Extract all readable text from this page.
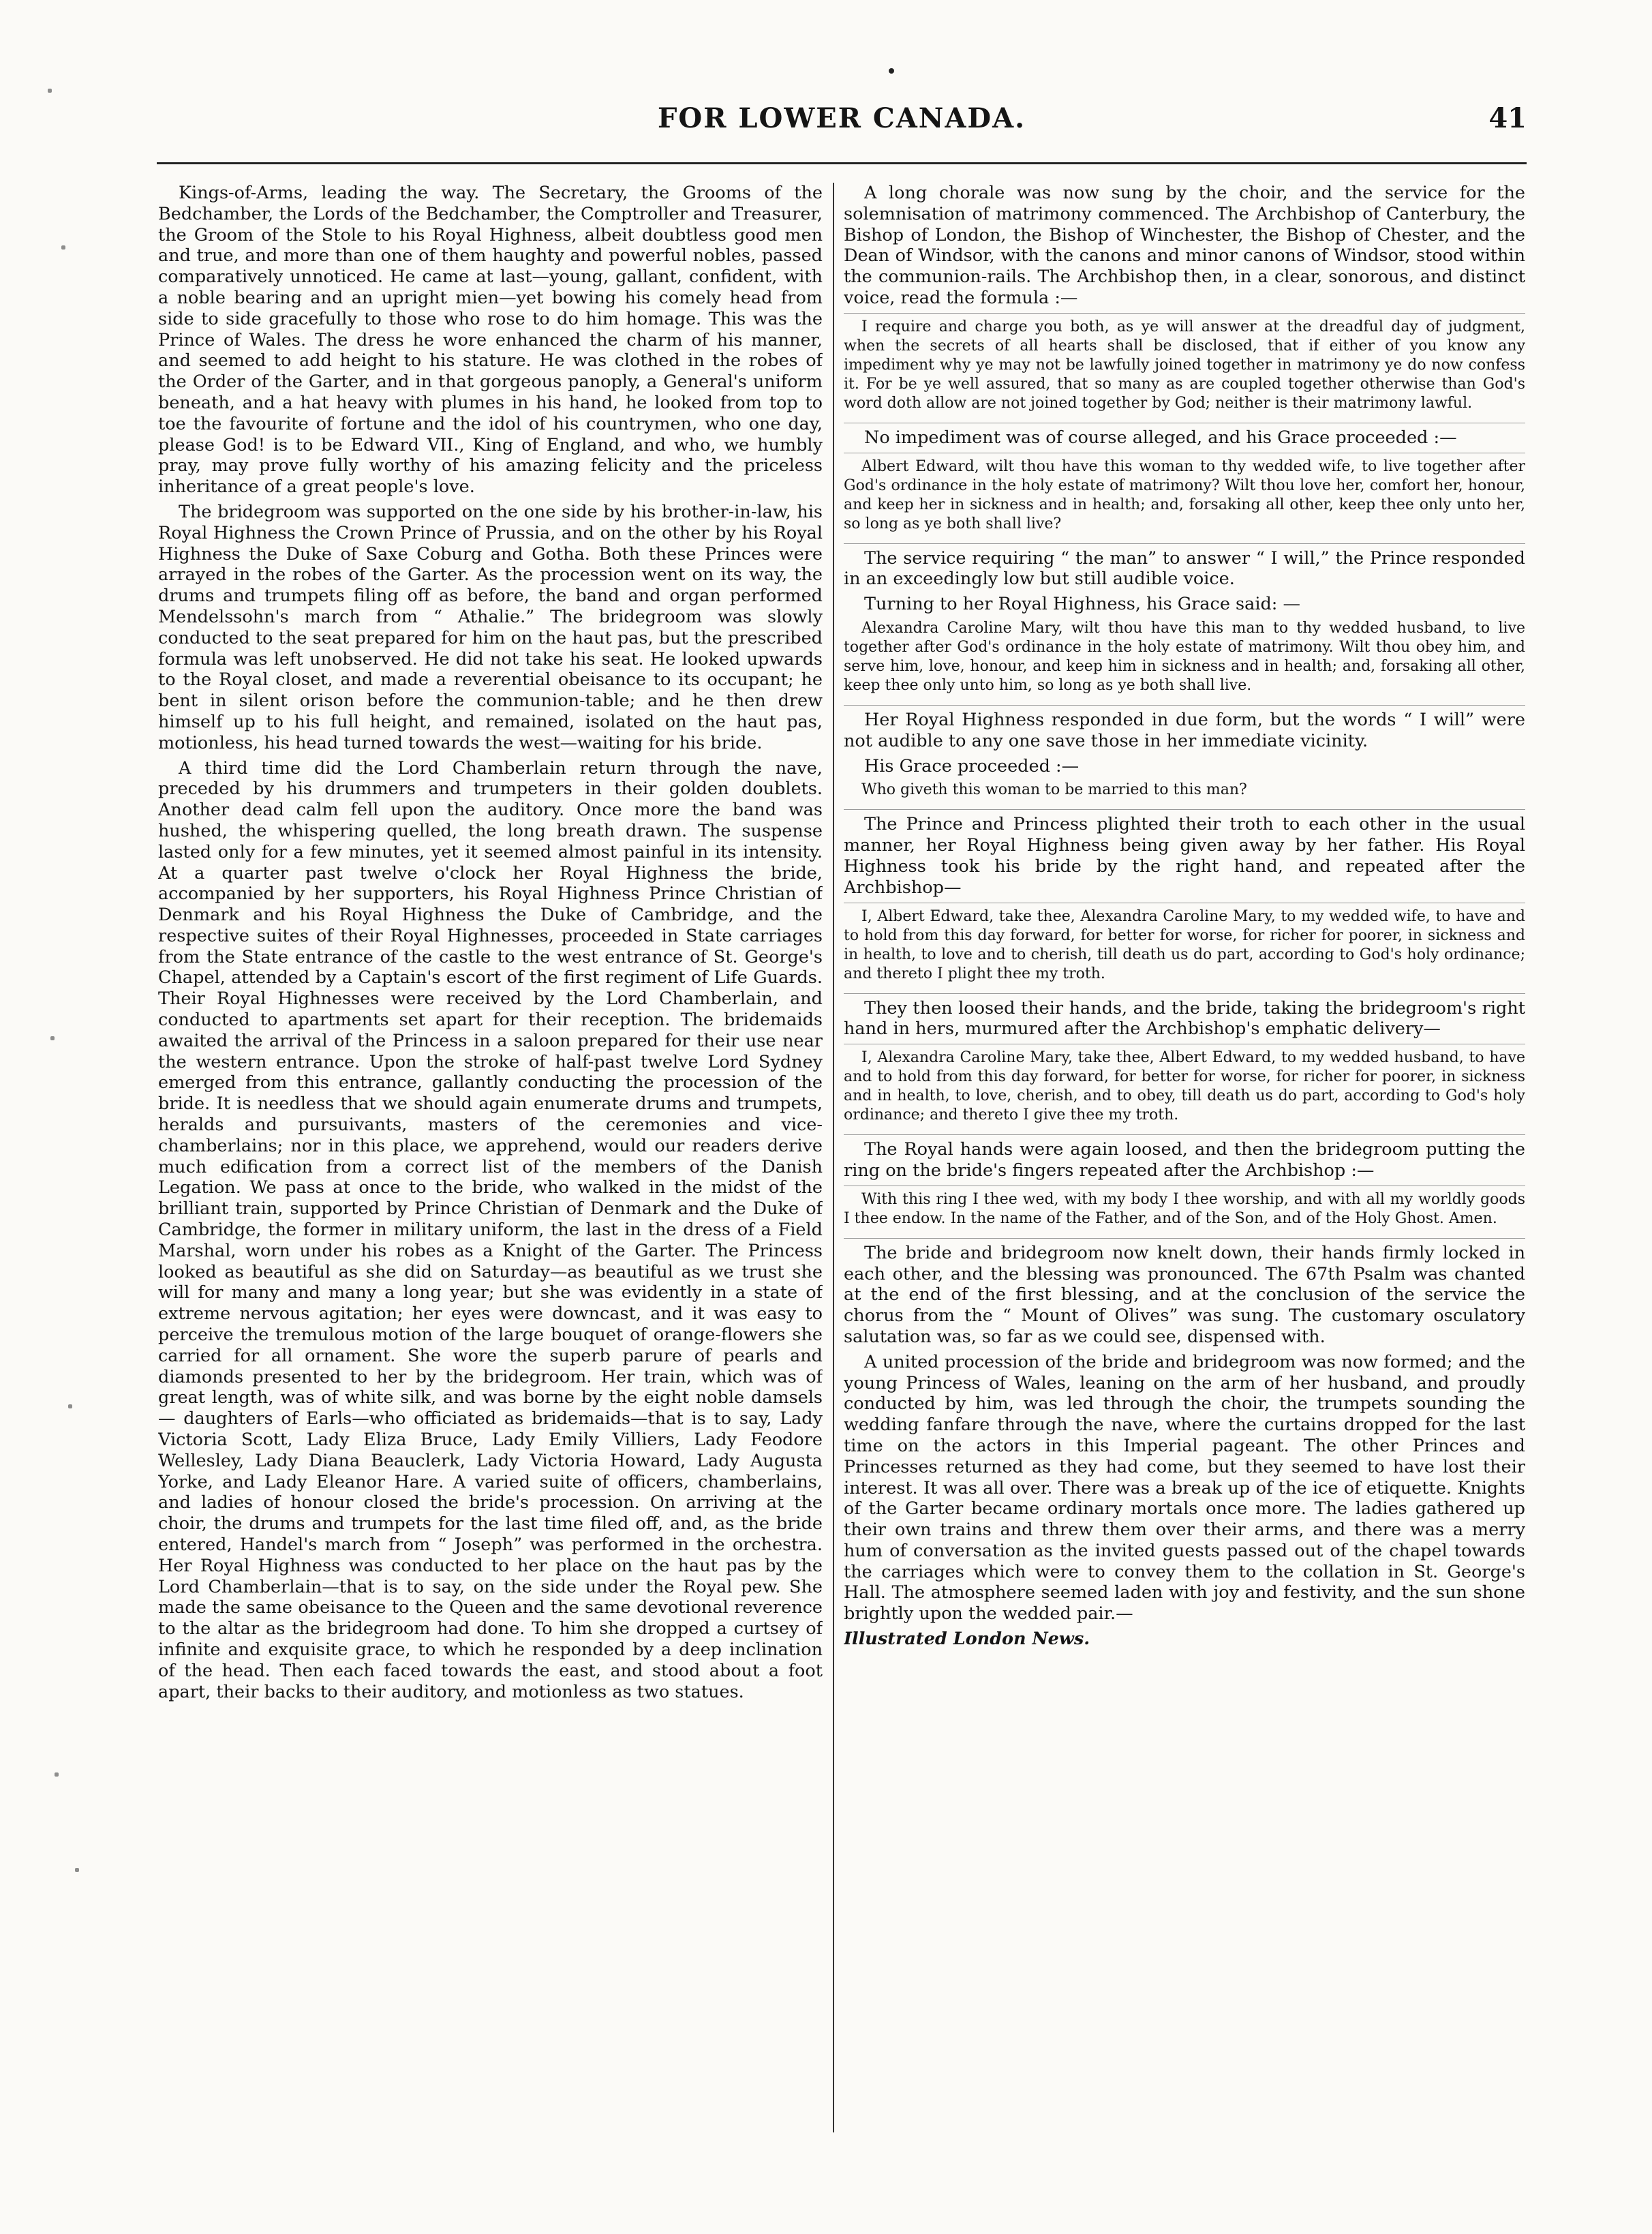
FOR LOWER CANADA.	41

Kings-of-Arms, leading the way. The Secretary, the Grooms of the Bedchamber, the Lords of the Bedchamber, the Comptroller and Treasurer, the Groom of the Stole to his Royal Highness, albeit doubtless good men and true, and more than one of them haughty and powerful nobles, passed comparatively unnoticed. He came at last—young, gallant, confident, with a noble bearing and an upright mien—yet bowing his comely head from side to side gracefully to those who rose to do him homage. This was the Prince of Wales. The dress he wore enhanced the charm of his manner, and seemed to add height to his stature. He was clothed in the robes of the Order of the Garter, and in that gorgeous panoply, a General's uniform beneath, and a hat heavy with plumes in his hand, he looked from top to toe the favourite of fortune and the idol of his countrymen, who one day, please God! is to be Edward VII., King of England, and who, we humbly pray, may prove fully worthy of his amazing felicity and the priceless inheritance of a great people's love.

The bridegroom was supported on the one side by his brother-in-law, his Royal Highness the Crown Prince of Prussia, and on the other by his Royal Highness the Duke of Saxe Coburg and Gotha. Both these Princes were arrayed in the robes of the Garter. As the procession went on its way, the drums and trumpets filing off as before, the band and organ performed Mendelssohn's march from “ Athalie.” The bridegroom was slowly conducted to the seat prepared for him on the haut pas, but the prescribed formula was left unobserved. He did not take his seat. He looked upwards to the Royal closet, and made a reverential obeisance to its occupant; he bent in silent orison before the communion-table; and he then drew himself up to his full height, and remained, isolated on the haut pas, motionless, his head turned towards the west—waiting for his bride.

A third time did the Lord Chamberlain return through the nave, preceded by his drummers and trumpeters in their golden doublets. Another dead calm fell upon the auditory. Once more the band was hushed, the whispering quelled, the long breath drawn. The suspense lasted only for a few minutes, yet it seemed almost painful in its intensity. At a quarter past twelve o'clock her Royal Highness the bride, accompanied by her supporters, his Royal Highness Prince Christian of Denmark and his Royal Highness the Duke of Cambridge, and the respective suites of their Royal Highnesses, proceeded in State carriages from the State entrance of the castle to the west entrance of St. George's Chapel, attended by a Captain's escort of the first regiment of Life Guards. Their Royal Highnesses were received by the Lord Chamberlain, and conducted to apartments set apart for their reception. The bridemaids awaited the arrival of the Princess in a saloon prepared for their use near the western entrance. Upon the stroke of half-past twelve Lord Sydney emerged from this entrance, gallantly conducting the procession of the bride. It is needless that we should again enumerate drums and trumpets, heralds and pursuivants, masters of the ceremonies and vice-chamberlains; nor in this place, we apprehend, would our readers derive much edification from a correct list of the members of the Danish Legation. We pass at once to the bride, who walked in the midst of the brilliant train, supported by Prince Christian of Denmark and the Duke of Cambridge, the former in military uniform, the last in the dress of a Field Marshal, worn under his robes as a Knight of the Garter. The Princess looked as beautiful as she did on Saturday—as beautiful as we trust she will for many and many a long year; but she was evidently in a state of extreme nervous agitation; her eyes were downcast, and it was easy to perceive the tremulous motion of the large bouquet of orange-flowers she carried for all ornament. She wore the superb parure of pearls and diamonds presented to her by the bridegroom. Her train, which was of great length, was of white silk, and was borne by the eight noble damsels — daughters of Earls—who officiated as bridemaids—that is to say, Lady Victoria Scott, Lady Eliza Bruce, Lady Emily Villiers, Lady Feodore Wellesley, Lady Diana Beauclerk, Lady Victoria Howard, Lady Augusta Yorke, and Lady Eleanor Hare. A varied suite of officers, chamberlains, and ladies of honour closed the bride's procession. On arriving at the choir, the drums and trumpets for the last time filed off, and, as the bride entered, Handel's march from “ Joseph” was performed in the orchestra. Her Royal Highness was conducted to her place on the haut pas by the Lord Chamberlain—that is to say, on the side under the Royal pew. She made the same obeisance to the Queen and the same devotional reverence to the altar as the bridegroom had done. To him she dropped a curtsey of infinite and exquisite grace, to which he responded by a deep inclination of the head. Then each faced towards the east, and stood about a foot apart, their backs to their auditory, and motionless as two statues.

A long chorale was now sung by the choir, and the service for the solemnisation of matrimony commenced. The Archbishop of Canterbury, the Bishop of London, the Bishop of Winchester, the Bishop of Chester, and the Dean of Windsor, with the canons and minor canons of Windsor, stood within the communion-rails. The Archbishop then, in a clear, sonorous, and distinct voice, read the formula :—

I require and charge you both, as ye will answer at the dreadful day of judgment, when the secrets of all hearts shall be disclosed, that if either of you know any impediment why ye may not be lawfully joined together in matrimony ye do now confess it. For be ye well assured, that so many as are coupled together otherwise than God's word doth allow are not joined together by God; neither is their matrimony lawful.

No impediment was of course alleged, and his Grace proceeded :—

Albert Edward, wilt thou have this woman to thy wedded wife, to live together after God's ordinance in the holy estate of matrimony? Wilt thou love her, comfort her, honour, and keep her in sickness and in health; and, forsaking all other, keep thee only unto her, so long as ye both shall live?

The service requiring “ the man” to answer “ I will,” the Prince responded in an exceedingly low but still audible voice.

Turning to her Royal Highness, his Grace said: —

Alexandra Caroline Mary, wilt thou have this man to thy wedded husband, to live together after God's ordinance in the holy estate of matrimony. Wilt thou obey him, and serve him, love, honour, and keep him in sickness and in health; and, forsaking all other, keep thee only unto him, so long as ye both shall live.

Her Royal Highness responded in due form, but the words “ I will” were not audible to any one save those in her immediate vicinity.

His Grace proceeded :—

Who giveth this woman to be married to this man?

The Prince and Princess plighted their troth to each other in the usual manner, her Royal Highness being given away by her father. His Royal Highness took his bride by the right hand, and repeated after the Archbishop—

I, Albert Edward, take thee, Alexandra Caroline Mary, to my wedded wife, to have and to hold from this day forward, for better for worse, for richer for poorer, in sickness and in health, to love and to cherish, till death us do part, according to God's holy ordinance; and thereto I plight thee my troth.

They then loosed their hands, and the bride, taking the bridegroom's right hand in hers, murmured after the Archbishop's emphatic delivery—

I, Alexandra Caroline Mary, take thee, Albert Edward, to my wedded husband, to have and to hold from this day forward, for better for worse, for richer for poorer, in sickness and in health, to love, cherish, and to obey, till death us do part, according to God's holy ordinance; and thereto I give thee my troth.

The Royal hands were again loosed, and then the bridegroom putting the ring on the bride's fingers repeated after the Archbishop :—

With this ring I thee wed, with my body I thee worship, and with all my worldly goods I thee endow. In the name of the Father, and of the Son, and of the Holy Ghost. Amen.

The bride and bridegroom now knelt down, their hands firmly locked in each other, and the blessing was pronounced. The 67th Psalm was chanted at the end of the first blessing, and at the conclusion of the service the chorus from the “ Mount of Olives” was sung. The customary osculatory salutation was, so far as we could see, dispensed with.

A united procession of the bride and bridegroom was now formed; and the young Princess of Wales, leaning on the arm of her husband, and proudly conducted by him, was led through the choir, the trumpets sounding the wedding fanfare through the nave, where the curtains dropped for the last time on the actors in this Imperial pageant. The other Princes and Princesses returned as they had come, but they seemed to have lost their interest. It was all over. There was a break up of the ice of etiquette. Knights of the Garter became ordinary mortals once more. The ladies gathered up their own trains and threw them over their arms, and there was a merry hum of conversation as the invited guests passed out of the chapel towards the carriages which were to convey them to the collation in St. George's Hall. The atmosphere seemed laden with joy and festivity, and the sun shone brightly upon the wedded pair.—

Illustrated London News.
